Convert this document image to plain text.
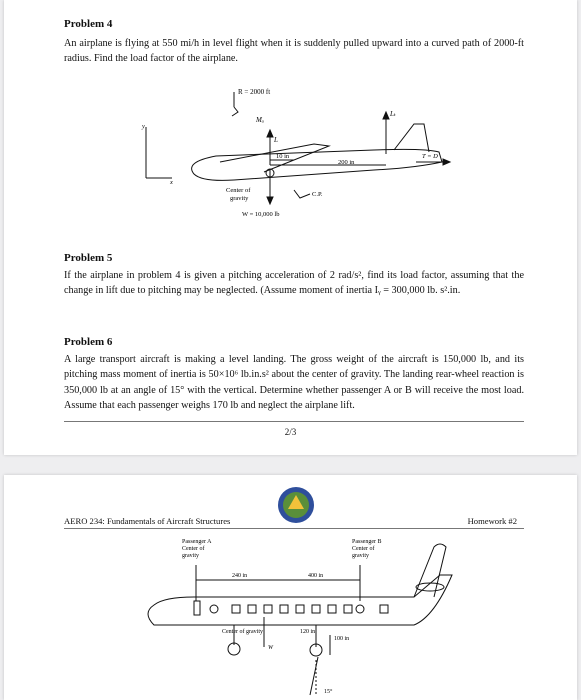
Problem 4
An airplane is flying at 550 mi/h in level flight when it is suddenly pulled upward into a curved path of 2000-ft radius. Find the load factor of the airplane.
R = 2000 ft
Mₐ
L
Lₜ
10 in
200 in
T = D
y
x
Center of
gravity
C.P.
W = 10,000 lb
Problem 5
If the airplane in problem 4 is given a pitching acceleration of 2 rad/s², find its load factor, assuming that the change in lift due to pitching may be neglected. (Assume moment of inertia Iᵧ = 300,000 lb. s².in.
Problem 6
A large transport aircraft is making a level landing. The gross weight of the aircraft is 150,000 lb, and its pitching mass moment of inertia is 50×10⁶ lb.in.s² about the center of gravity. The landing rear-wheel reaction is 350,000 lb at an angle of 15° with the vertical. Determine whether passenger A or B will receive the most load. Assume that each passenger weighs 170 lb and neglect the airplane lift.
2/3
AERO 234: Fundamentals of Aircraft Structures	Homework #2
Passenger A
Center of
gravity
Passenger B
Center of
gravity
240 in	400 in
Center of gravity	120 in
100 in
W
15°
